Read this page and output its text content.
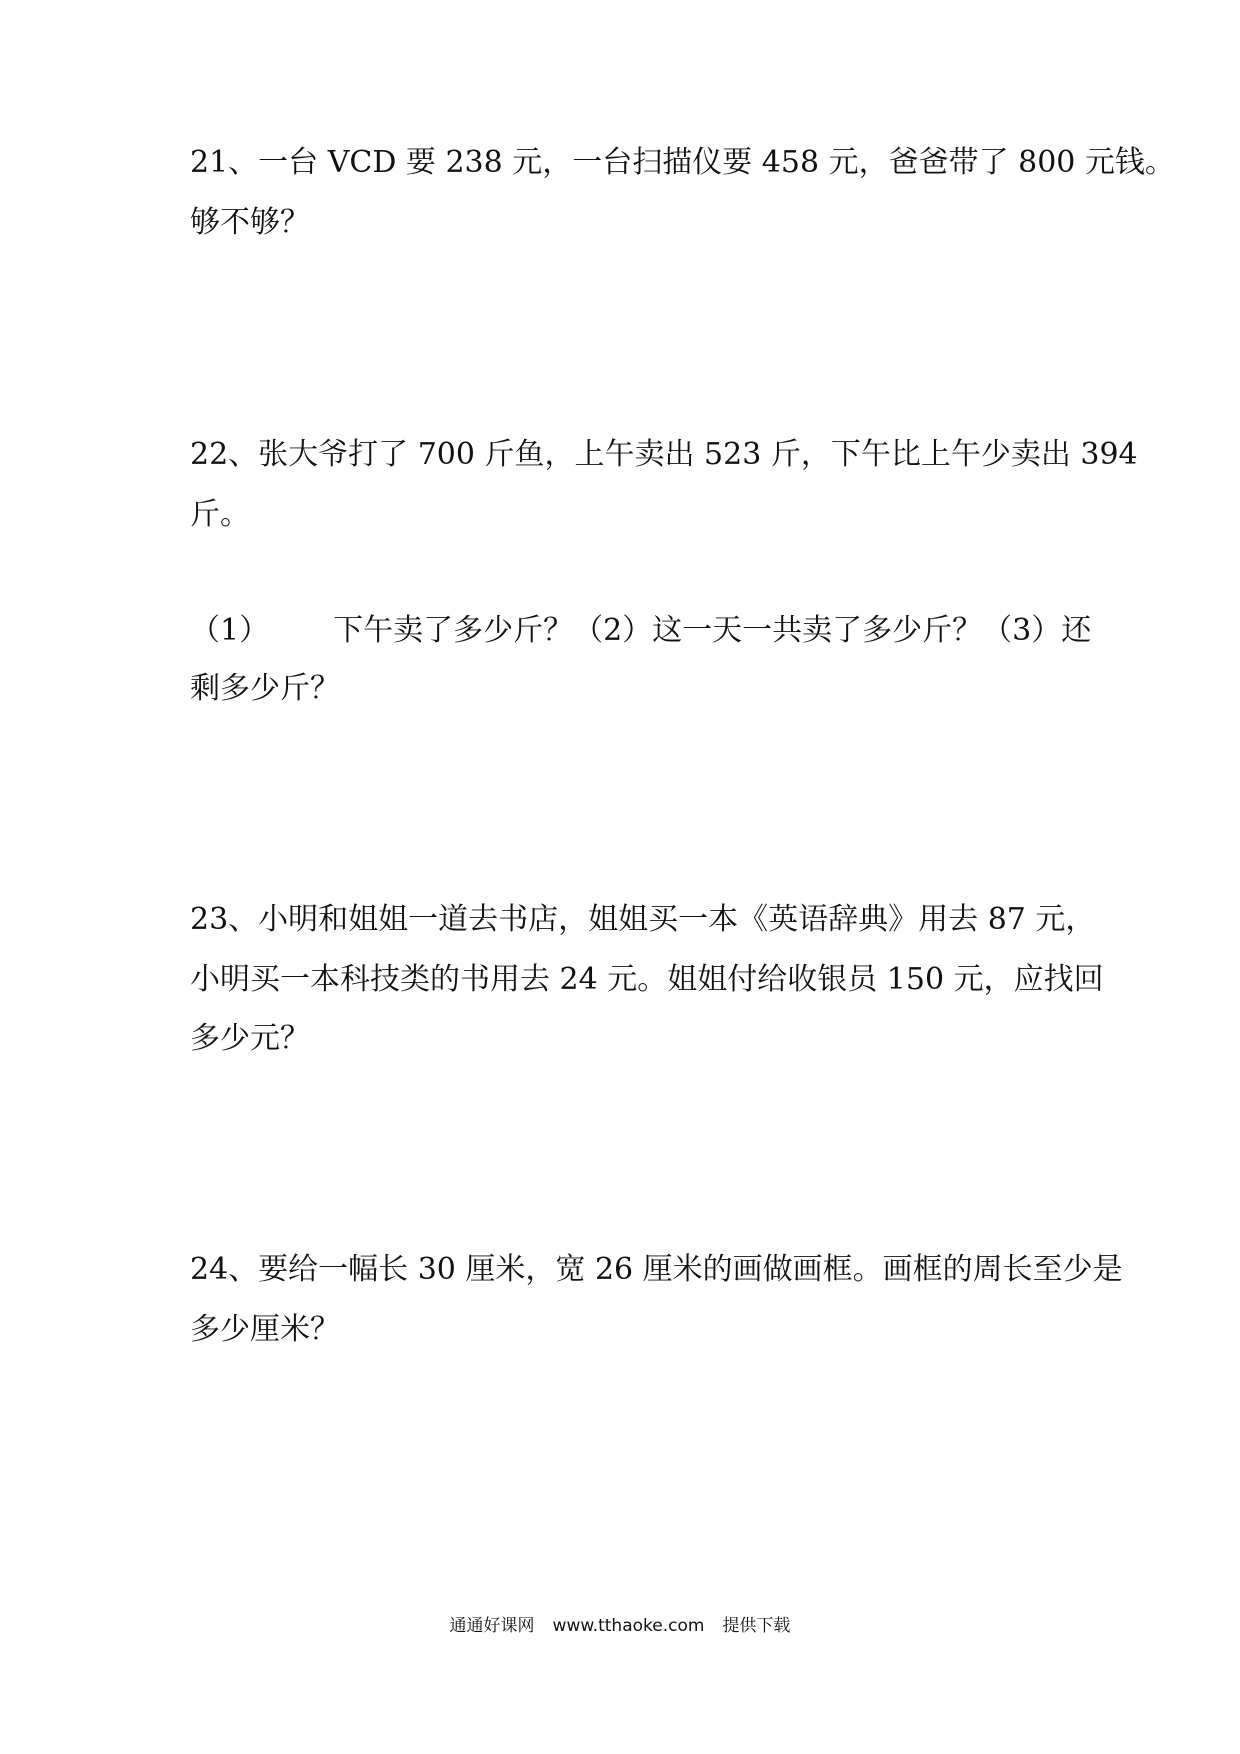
21、一台 VCD 要 238 元，一台扫描仪要 458 元，爸爸带了 800 元钱。
够不够？
22、张大爷打了 700 斤鱼，上午卖出 523 斤，下午比上午少卖出 394
斤。
（1） 下午卖了多少斤？（2）这一天一共卖了多少斤？（3）还
剩多少斤？
23、小明和姐姐一道去书店，姐姐买一本《英语辞典》用去 87 元，
小明买一本科技类的书用去 24 元。姐姐付给收银员 150 元，应找回
多少元？
24、要给一幅长 30 厘米，宽 26 厘米的画做画框。画框的周长至少是
多少厘米？
通通好课网 www.tthaoke.com 提供下载
